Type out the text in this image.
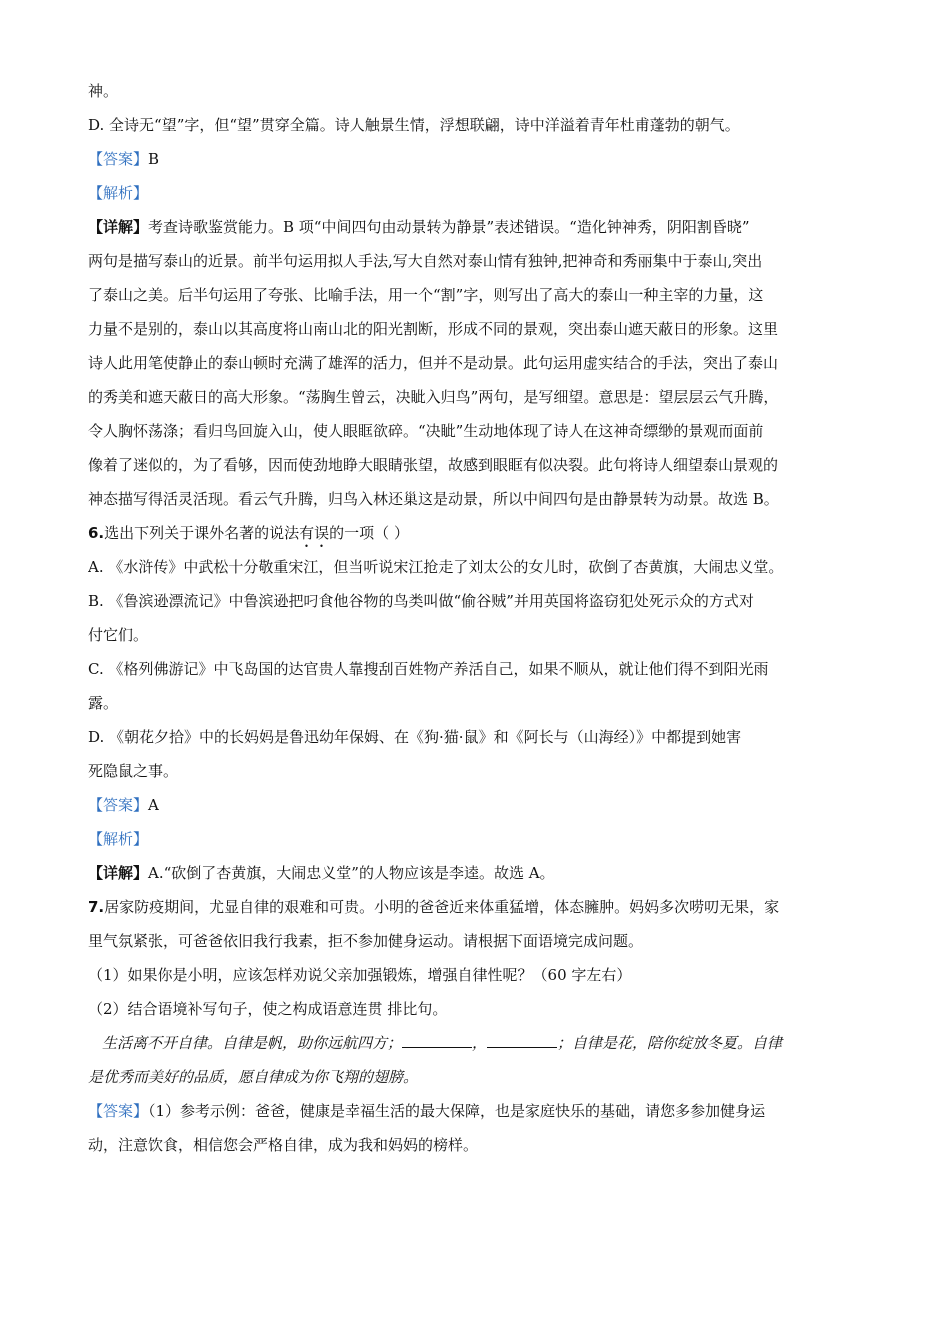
神。
D. 全诗无“望”字，但“望”贯穿全篇。诗人触景生情，浮想联翩，诗中洋溢着青年杜甫蓬勃的朝气。
【答案】B
【解析】
【详解】考查诗歌鉴赏能力。B 项“中间四句由动景转为静景”表述错误。“造化钟神秀，阴阳割昏晓”
两句是描写泰山的近景。前半句运用拟人手法,写大自然对泰山情有独钟,把神奇和秀丽集中于泰山,突出
了泰山之美。后半句运用了夸张、比喻手法，用一个“割”字，则写出了高大的泰山一种主宰的力量，这
力量不是别的，泰山以其高度将山南山北的阳光割断，形成不同的景观，突出泰山遮天蔽日的形象。这里
诗人此用笔使静止的泰山顿时充满了雄浑的活力，但并不是动景。此句运用虚实结合的手法，突出了泰山
的秀美和遮天蔽日的高大形象。“荡胸生曾云，决眦入归鸟”两句，是写细望。意思是：望层层云气升腾，
令人胸怀荡涤；看归鸟回旋入山，使人眼眶欲碎。“决眦”生动地体现了诗人在这神奇缥缈的景观而面前
像着了迷似的，为了看够，因而使劲地睁大眼睛张望，故感到眼眶有似决裂。此句将诗人细望泰山景观的
神态描写得活灵活现。看云气升腾，归鸟入林还巢这是动景，所以中间四句是由静景转为动景。故选 B。
6.选出下列关于课外名著的说法有误的一项（ ）
A. 《水浒传》中武松十分敬重宋江，但当听说宋江抢走了刘太公的女儿时，砍倒了杏黄旗，大闹忠义堂。
B. 《鲁滨逊漂流记》中鲁滨逊把叼食他谷物的鸟类叫做“偷谷贼”并用英国将盗窃犯处死示众的方式对
付它们。
C. 《格列佛游记》中飞岛国的达官贵人靠搜刮百姓物产养活自己，如果不顺从，就让他们得不到阳光雨
露。
D. 《朝花夕拾》中的长妈妈是鲁迅幼年保姆、在《狗·猫·鼠》和《阿长与（山海经）》中都提到她害
死隐鼠之事。
【答案】A
【解析】
【详解】A.“砍倒了杏黄旗，大闹忠义堂”的人物应该是李逵。故选 A。
7.居家防疫期间，尤显自律的艰难和可贵。小明的爸爸近来体重猛增，体态臃肿。妈妈多次唠叨无果，家
里气氛紧张，可爸爸依旧我行我素，拒不参加健身运动。请根据下面语境完成问题。
（1）如果你是小明，应该怎样劝说父亲加强锻炼，增强自律性呢？（60 字左右）
（2）结合语境补写句子，使之构成语意连贯 排比句。
生活离不开自律。自律是帆，助你远航四方；	，	；自律是花，陪你绽放冬夏。自律
是优秀而美好的品质，愿自律成为你飞翔的翅膀。
【答案】（1）参考示例：爸爸，健康是幸福生活的最大保障，也是家庭快乐的基础，请您多参加健身运
动，注意饮食，相信您会严格自律，成为我和妈妈的榜样。
